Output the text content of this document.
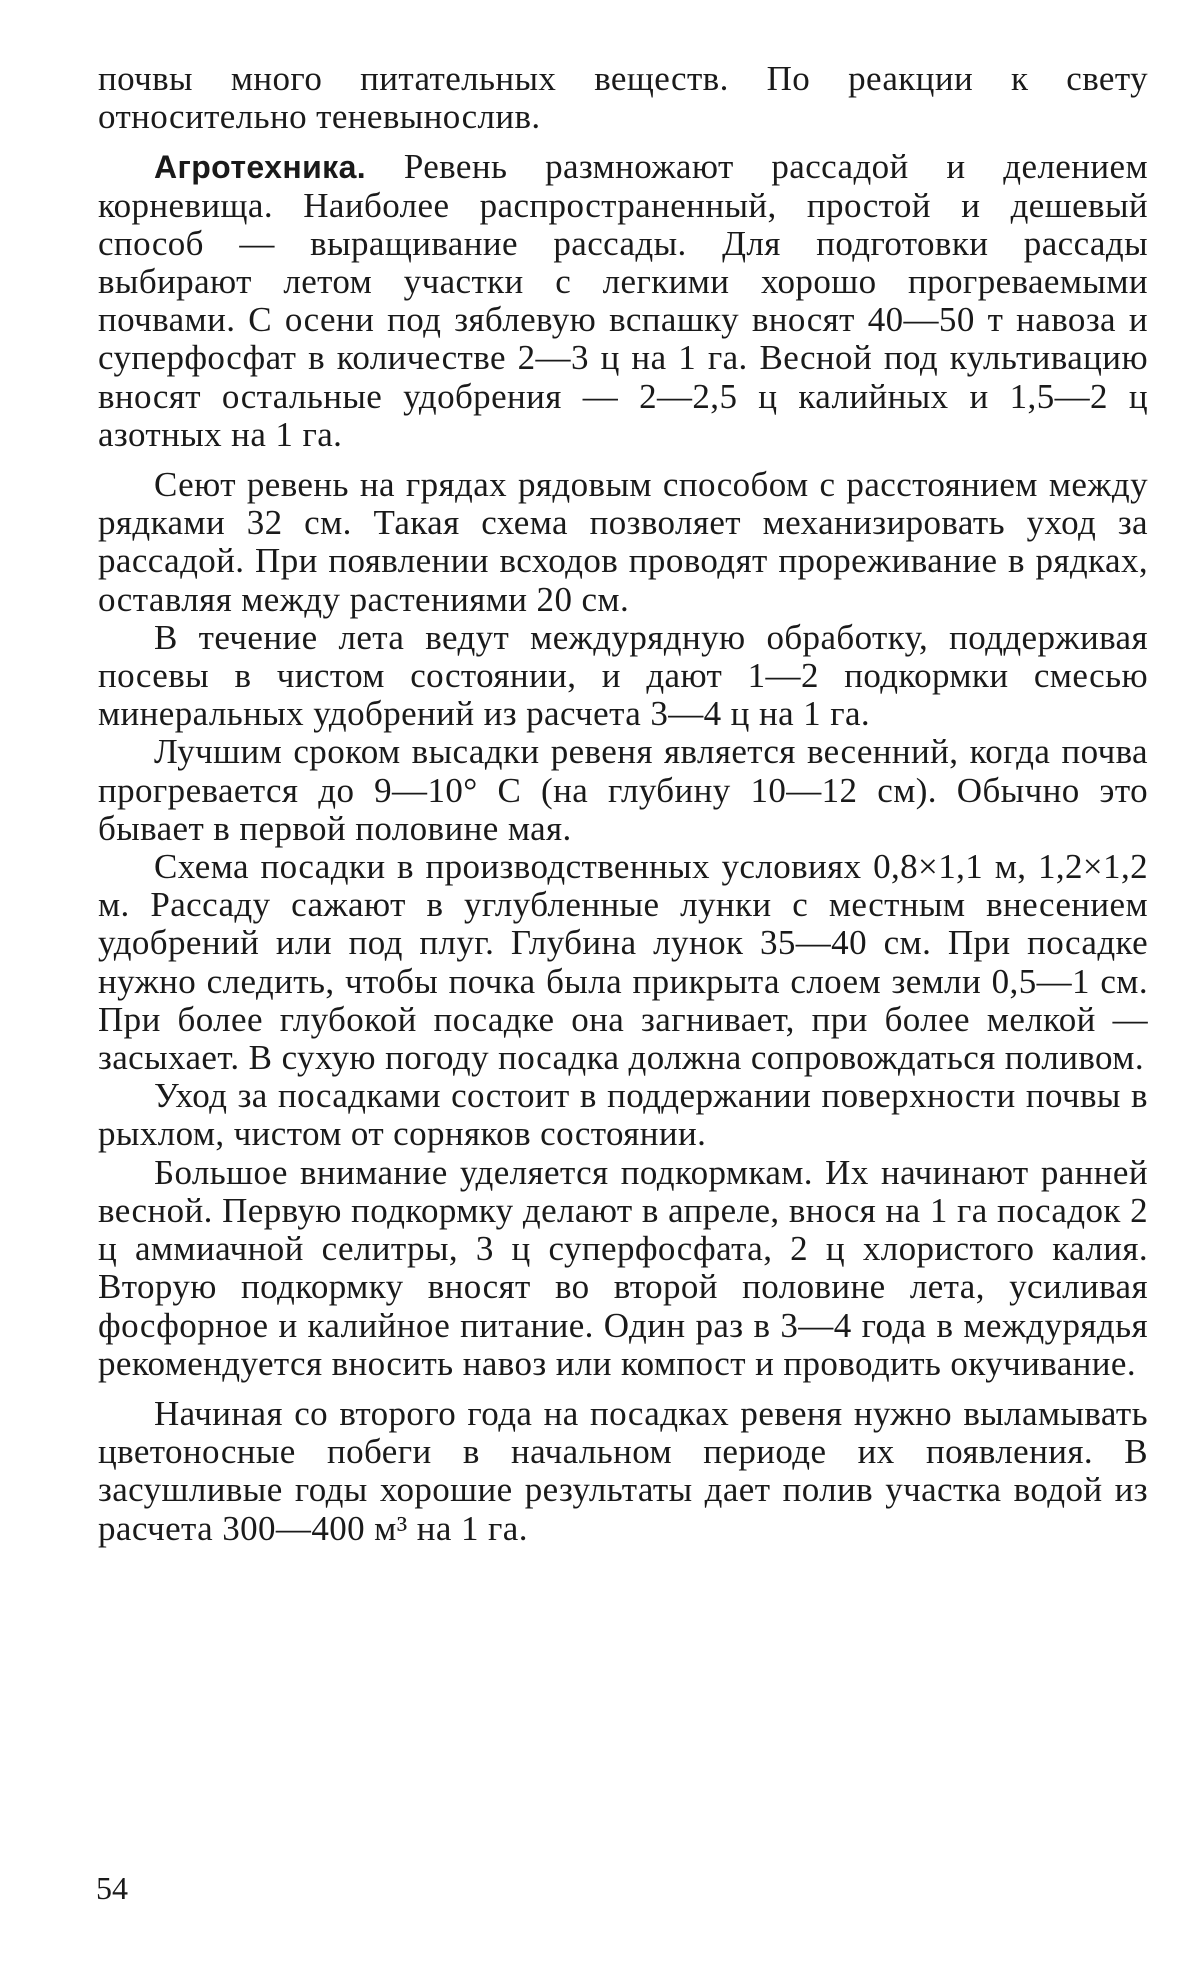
почвы много питательных веществ. По реакции к свету относительно теневынослив.

Агротехника. Ревень размножают рассадой и делением корневища. Наиболее распространенный, простой и дешевый способ — выращивание рассады. Для подготовки рассады выбирают летом участки с легкими хорошо прогреваемыми почвами. С осени под зяблевую вспашку вносят 40—50 т навоза и суперфосфат в количестве 2—3 ц на 1 га. Весной под культивацию вносят остальные удобрения — 2—2,5 ц калийных и 1,5—2 ц азотных на 1 га.

Сеют ревень на грядах рядовым способом с расстоянием между рядками 32 см. Такая схема позволяет механизировать уход за рассадой. При появлении всходов проводят прореживание в рядках, оставляя между растениями 20 см.

В течение лета ведут междурядную обработку, поддерживая посевы в чистом состоянии, и дают 1—2 подкормки смесью минеральных удобрений из расчета 3—4 ц на 1 га.

Лучшим сроком высадки ревеня является весенний, когда почва прогревается до 9—10° С (на глубину 10—12 см). Обычно это бывает в первой половине мая.

Схема посадки в производственных условиях 0,8×1,1 м, 1,2×1,2 м. Рассаду сажают в углубленные лунки с местным внесением удобрений или под плуг. Глубина лунок 35—40 см. При посадке нужно следить, чтобы почка была прикрыта слоем земли 0,5—1 см. При более глубокой посадке она загнивает, при более мелкой — засыхает. В сухую погоду посадка должна сопровождаться поливом.

Уход за посадками состоит в поддержании поверхности почвы в рыхлом, чистом от сорняков состоянии.

Большое внимание уделяется подкормкам. Их начинают ранней весной. Первую подкормку делают в апреле, внося на 1 га посадок 2 ц аммиачной селитры, 3 ц суперфосфата, 2 ц хлористого калия. Вторую подкормку вносят во второй половине лета, усиливая фосфорное и калийное питание. Один раз в 3—4 года в междурядья рекомендуется вносить навоз или компост и проводить окучивание.

Начиная со второго года на посадках ревеня нужно выламывать цветоносные побеги в начальном периоде их появления. В засушливые годы хорошие результаты дает полив участка водой из расчета 300—400 м³ на 1 га.

54
